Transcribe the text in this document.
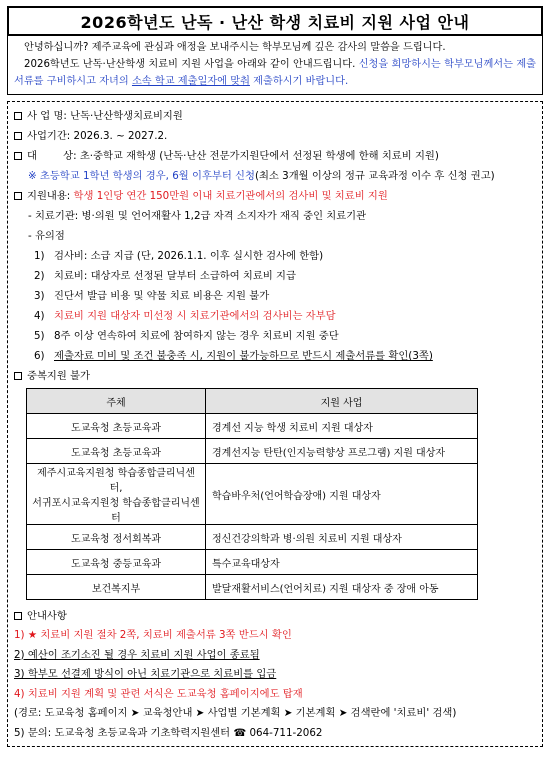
2026학년도 난독 · 난산 학생 치료비 지원 사업 안내

안녕하십니까? 제주교육에 관심과 애정을 보내주시는 학부모님께 깊은 감사의 말씀을 드립니다.

2026학년도 난독·난산학생 치료비 지원 사업을 아래와 같이 안내드립니다. 신청을 희망하시는 학부모님께서는 제출서류를 구비하시고 자녀의 소속 학교 제출일자에 맞춰 제출하시기 바랍니다.

사 업 명: 난독·난산학생치료비지원
사업기간: 2026.3. ~ 2027.2.
대        상: 초·중학교 재학생 (난독·난산 전문가지원단에서 선정된 학생에 한해 치료비 지원)
※ 초등학교 1학년 학생의 경우, 6월 이후부터 신청(최소 3개월 이상의 정규 교육과정 이수 후 신청 권고)
지원내용: 학생 1인당 연간 150만원 이내 치료기관에서의 검사비 및 치료비 지원
- 치료기관: 병·의원 및 언어재활사 1,2급 자격 소지자가 재직 중인 치료기관
- 유의점
1) 검사비: 소급 지급 (단, 2026.1.1. 이후 실시한 검사에 한함)
2) 치료비: 대상자로 선정된 달부터 소급하여 치료비 지급
3) 진단서 발급 비용 및 약물 치료 비용은 지원 불가
4) 치료비 지원 대상자 미선정 시 치료기관에서의 검사비는 자부담
5) 8주 이상 연속하여 치료에 참여하지 않는 경우 치료비 지원 중단
6) 제출자료 미비 및 조건 불충족 시, 지원이 불가능하므로 반드시 제출서류를 확인(3쪽)
중복지원 불가
주체	지원 사업
도교육청 초등교육과	경계선 지능 학생 치료비 지원 대상자
도교육청 초등교육과	경계선지능 탄탄(인지능력향상 프로그램) 지원 대상자
제주시교육지원청 학습종합클리닉센터,
서귀포시교육지원청 학습종합클리닉센터	학습바우처(언어학습장애) 지원 대상자
도교육청 정서회복과	정신건강의학과 병·의원 치료비 지원 대상자
도교육청 중등교육과	특수교육대상자
보건복지부	발달재활서비스(언어치료) 지원 대상자 중 장애 아동
안내사항
1) ★ 치료비 지원 절차 2쪽, 치료비 제출서류 3쪽 반드시 확인
2) 예산이 조기소진 될 경우 치료비 지원 사업이 종료됨
3) 학부모 선결제 방식이 아닌 치료기관으로 치료비를 입금
4) 치료비 지원 계획 및 관련 서식은 도교육청 홈페이지에도 탑재
(경로: 도교육청 홈페이지 ➤ 교육청안내 ➤ 사업별 기본계획 ➤ 기본계획 ➤ 검색란에 '치료비' 검색)
5) 문의: 도교육청 초등교육과 기초학력지원센터 ☎ 064-711-2062
